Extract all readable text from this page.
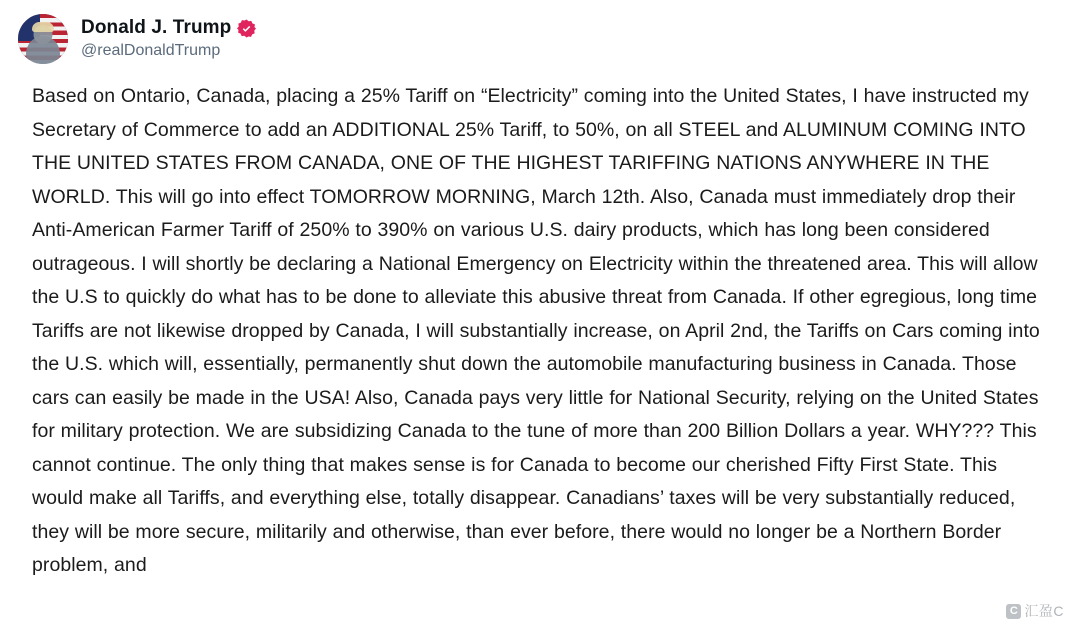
Donald J. Trump
@realDonaldTrump
Based on Ontario, Canada, placing a 25% Tariff on “Electricity” coming into the United States, I have instructed my Secretary of Commerce to add an ADDITIONAL 25% Tariff, to 50%, on all STEEL and ALUMINUM COMING INTO THE UNITED STATES FROM CANADA, ONE OF THE HIGHEST TARIFFING NATIONS ANYWHERE IN THE WORLD. This will go into effect TOMORROW MORNING, March 12th. Also, Canada must immediately drop their Anti-American Farmer Tariff of 250% to 390% on various U.S. dairy products, which has long been considered outrageous. I will shortly be declaring a National Emergency on Electricity within the threatened area. This will allow the U.S to quickly do what has to be done to alleviate this abusive threat from Canada. If other egregious, long time Tariffs are not likewise dropped by Canada, I will substantially increase, on April 2nd, the Tariffs on Cars coming into the U.S. which will, essentially, permanently shut down the automobile manufacturing business in Canada. Those cars can easily be made in the USA! Also, Canada pays very little for National Security, relying on the United States for military protection. We are subsidizing Canada to the tune of more than 200 Billion Dollars a year. WHY??? This cannot continue. The only thing that makes sense is for Canada to become our cherished Fifty First State. This would make all Tariffs, and everything else, totally disappear. Canadians’ taxes will be very substantially reduced, they will be more secure, militarily and otherwise, than ever before, there would no longer be a Northern Border problem, and
C 汇盈C
